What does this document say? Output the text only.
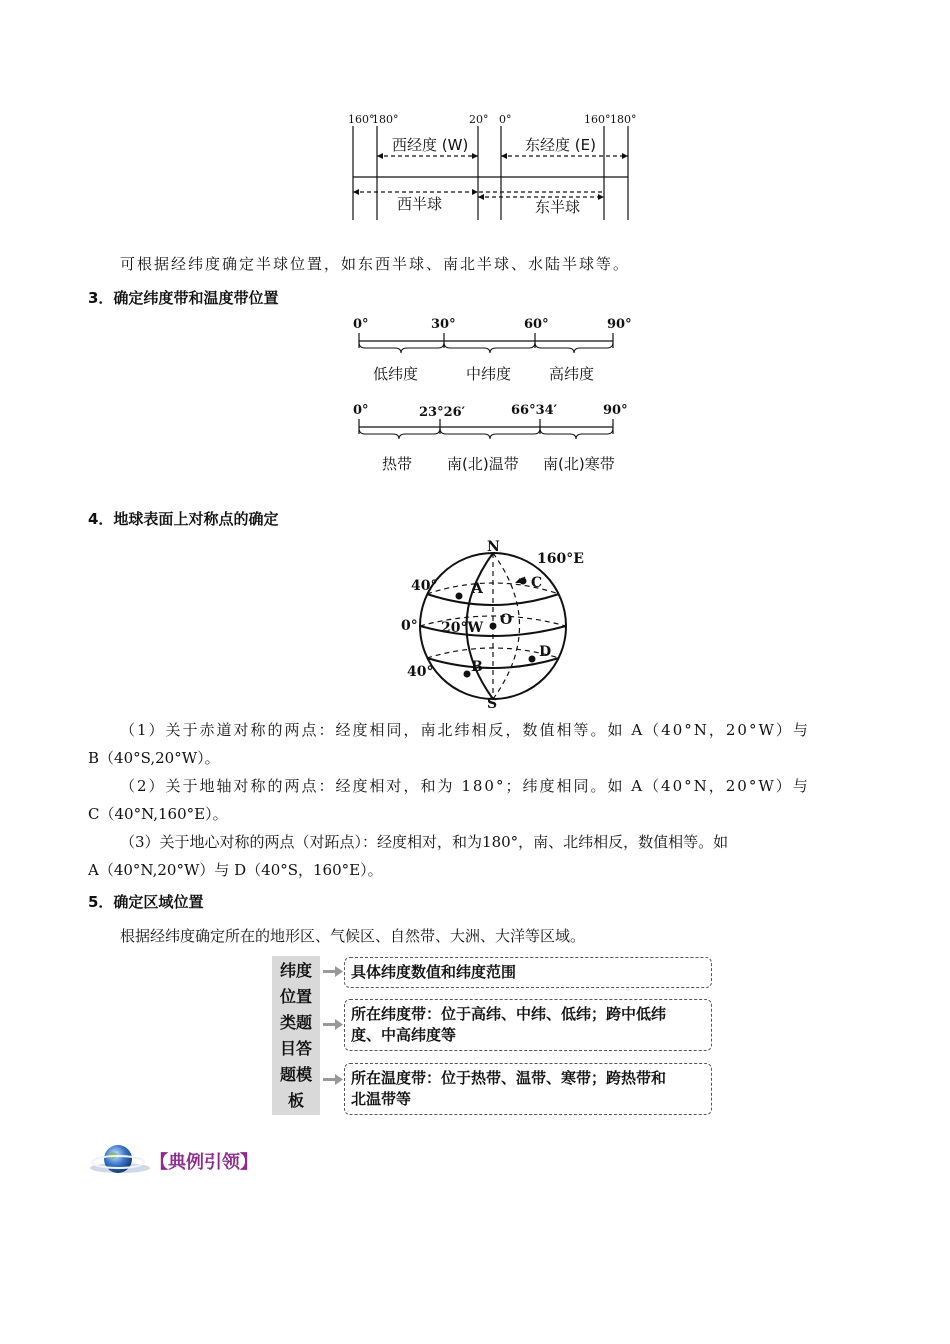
160°
180°	20° 0°	160° 180°
西经度 (W)	东经度 (E)
西半球	东半球
可根据经纬度确定半球位置，如东西半球、南北半球、水陆半球等。
3．确定纬度带和温度带位置
0°	30°	60°	90°
低纬度	中纬度	高纬度
0°	23°26′	66°34′	90°
热带 南(北)温带 南(北)寒带
4．地球表面上对称点的确定
N
S
160°E
40°
0°
40°
20°W
A	C
O
B
D
（1）关于赤道对称的两点：经度相同，南北纬相反，数值相等。如 A（40°N，20°W）与
B（40°S,20°W）。
（2）关于地轴对称的两点：经度相对，和为 180°；纬度相同。如 A（40°N，20°W）与
C（40°N,160°E）。
（3）关于地心对称的两点（对跖点）：经度相对，和为180°，南、北纬相反，数值相等。如
A（40°N,20°W）与 D（40°S，160°E）。
5．确定区域位置
根据经纬度确定所在的地形区、气候区、自然带、大洲、大洋等区域。
纬度
位置
类题
目答
题模
板
具体纬度数值和纬度范围
所在纬度带：位于高纬、中纬、低纬；跨中低纬
度、中高纬度等
所在温度带：位于热带、温带、寒带；跨热带和
北温带等
【典例引领】
